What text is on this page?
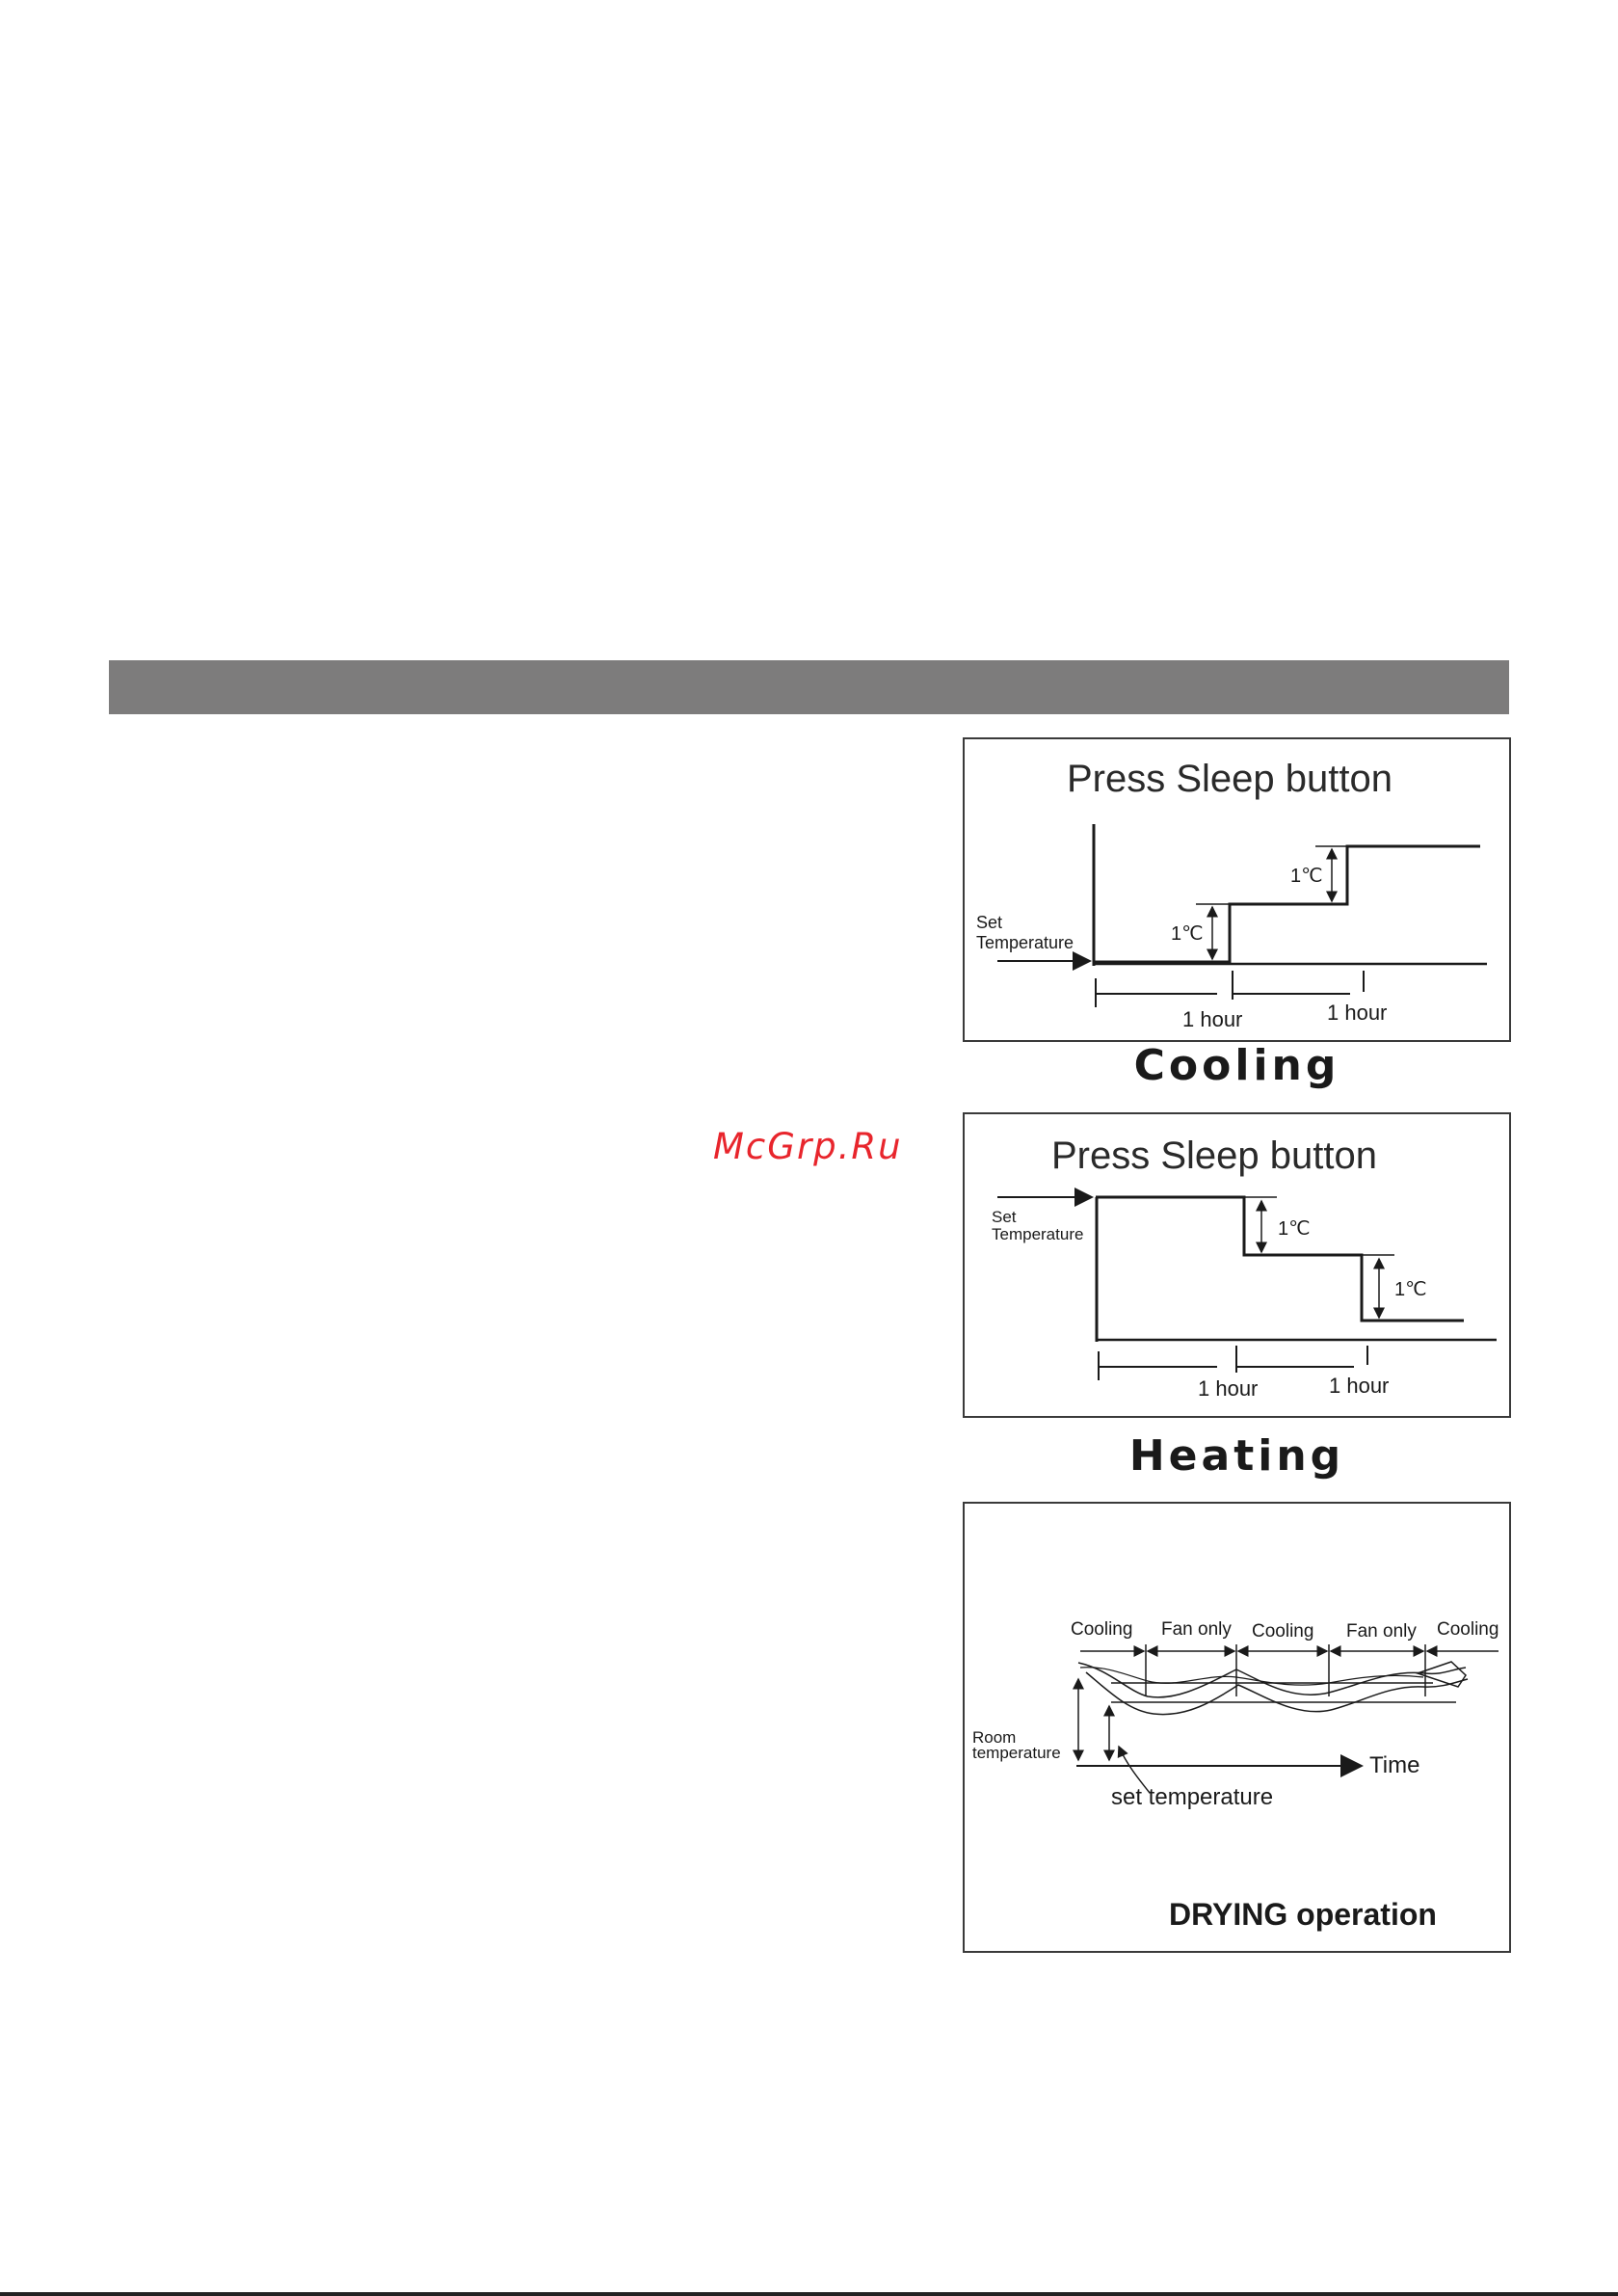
McGrp.Ru
Press Sleep button
Set
Temperature	1℃
1℃
1 hour	1 hour
Cooling
Press Sleep button
Set
Temperature	1℃
1℃
1 hour	1 hour
Heating
Cooling Fan only Cooling Fan only Cooling
Time
Room
temperature
set temperature
DRYING operation
